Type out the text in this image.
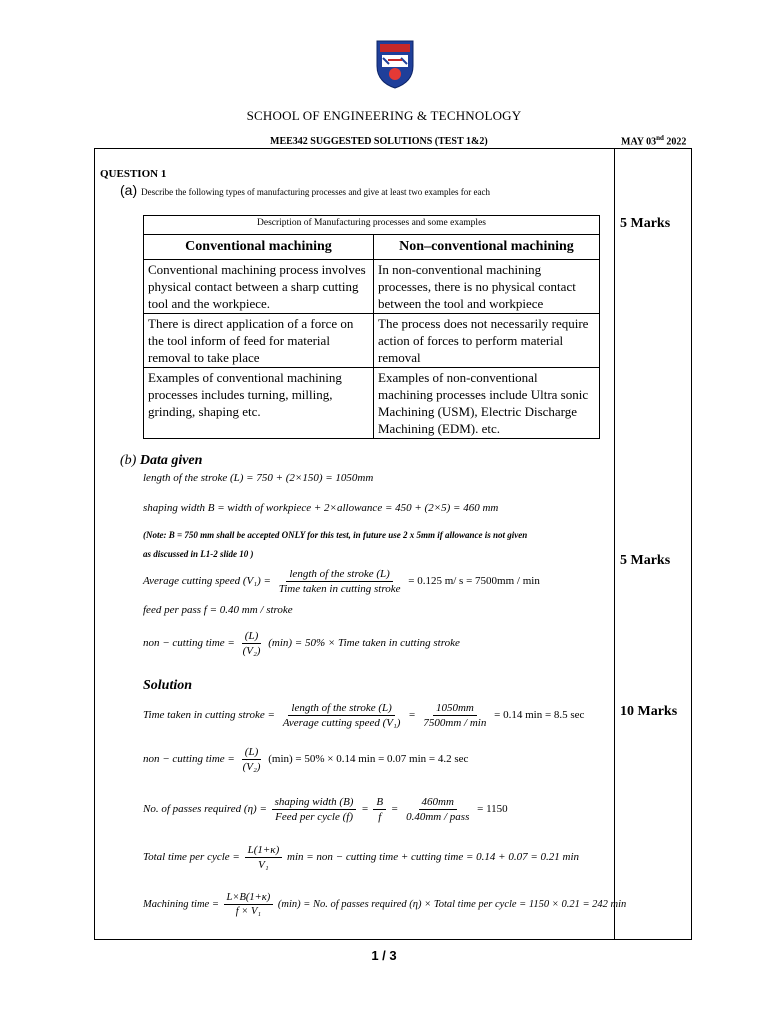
SCHOOL OF ENGINEERING & TECHNOLOGY
MEE342 SUGGESTED SOLUTIONS (TEST 1&2)	MAY 03nd 2022
QUESTION 1
(a) Describe the following types of manufacturing processes and give at least two examples for each
Description of Manufacturing processes and some examples	
Conventional machining	Non–conventional machining
Conventional machining process involves physical contact between a sharp cutting tool and the workpiece.	In non-conventional machining processes, there is no physical contact between the tool and workpiece
There is direct application of a force on the tool inform of feed for material removal to take place	The process does not necessarily require action of forces to perform material removal
Examples of conventional machining processes includes turning, milling, grinding, shaping etc.	Examples of non-conventional machining processes include Ultra sonic Machining (USM), Electric Discharge Machining (EDM). etc.
5 Marks
5 Marks
10 Marks
(b) Data given
length of the stroke (L) = 750 + (2×150) = 1050mm
shaping width B = width of workpiece + 2×allowance = 450 + (2×5) = 460 mm
(Note: B = 750 mm shall be accepted ONLY for this test, in future use 2 x 5mm if allowance is not given
as discussed in L1-2 slide 10 )
Average cutting speed $(V_1) = \frac{\text{length of the stroke (L)}}{\text{Time taken in cutting stroke}} = 0.125$ m/ s = 7500mm / min
feed per pass f = 0.40 mm / stroke
non − cutting time = $\frac{(L)}{\text{(V₂)}} (\min) = 50\%$ × Time taken in cutting stroke
Solution
Time taken in cutting stroke = $\frac{\text{length of the stroke (L)}}{\text{Average cutting speed (V₁)}} = \frac{1050mm}{7500mm / \min} = 0.14$ min = 8.5 sec
non − cutting time = $\frac{(L)}{\text{(V₂)}} (\min) = 50\% \times 0.14$ min = 0.07 min = 4.2 sec
No. of passes required $(\eta) = \frac{\text{shaping width (B)}}{\text{Feed per cycle (f)}} = \frac{B}{f} = \frac{460mm}{\text{0.40mm / pass}} = 1150$
Total time per cycle = $\frac{L(1+\kappa)}{\text{V₁}}$ min = non − cutting time + cutting time = 0.14 + 0.07 = 0.21 min
Machining time = $\frac{L\times B(1+\kappa)}{\text{f × V₁}} (\min) = No$. of passes required (η) × Total time per cycle = 1150 × 0.21 = 242 min
1 / 3
